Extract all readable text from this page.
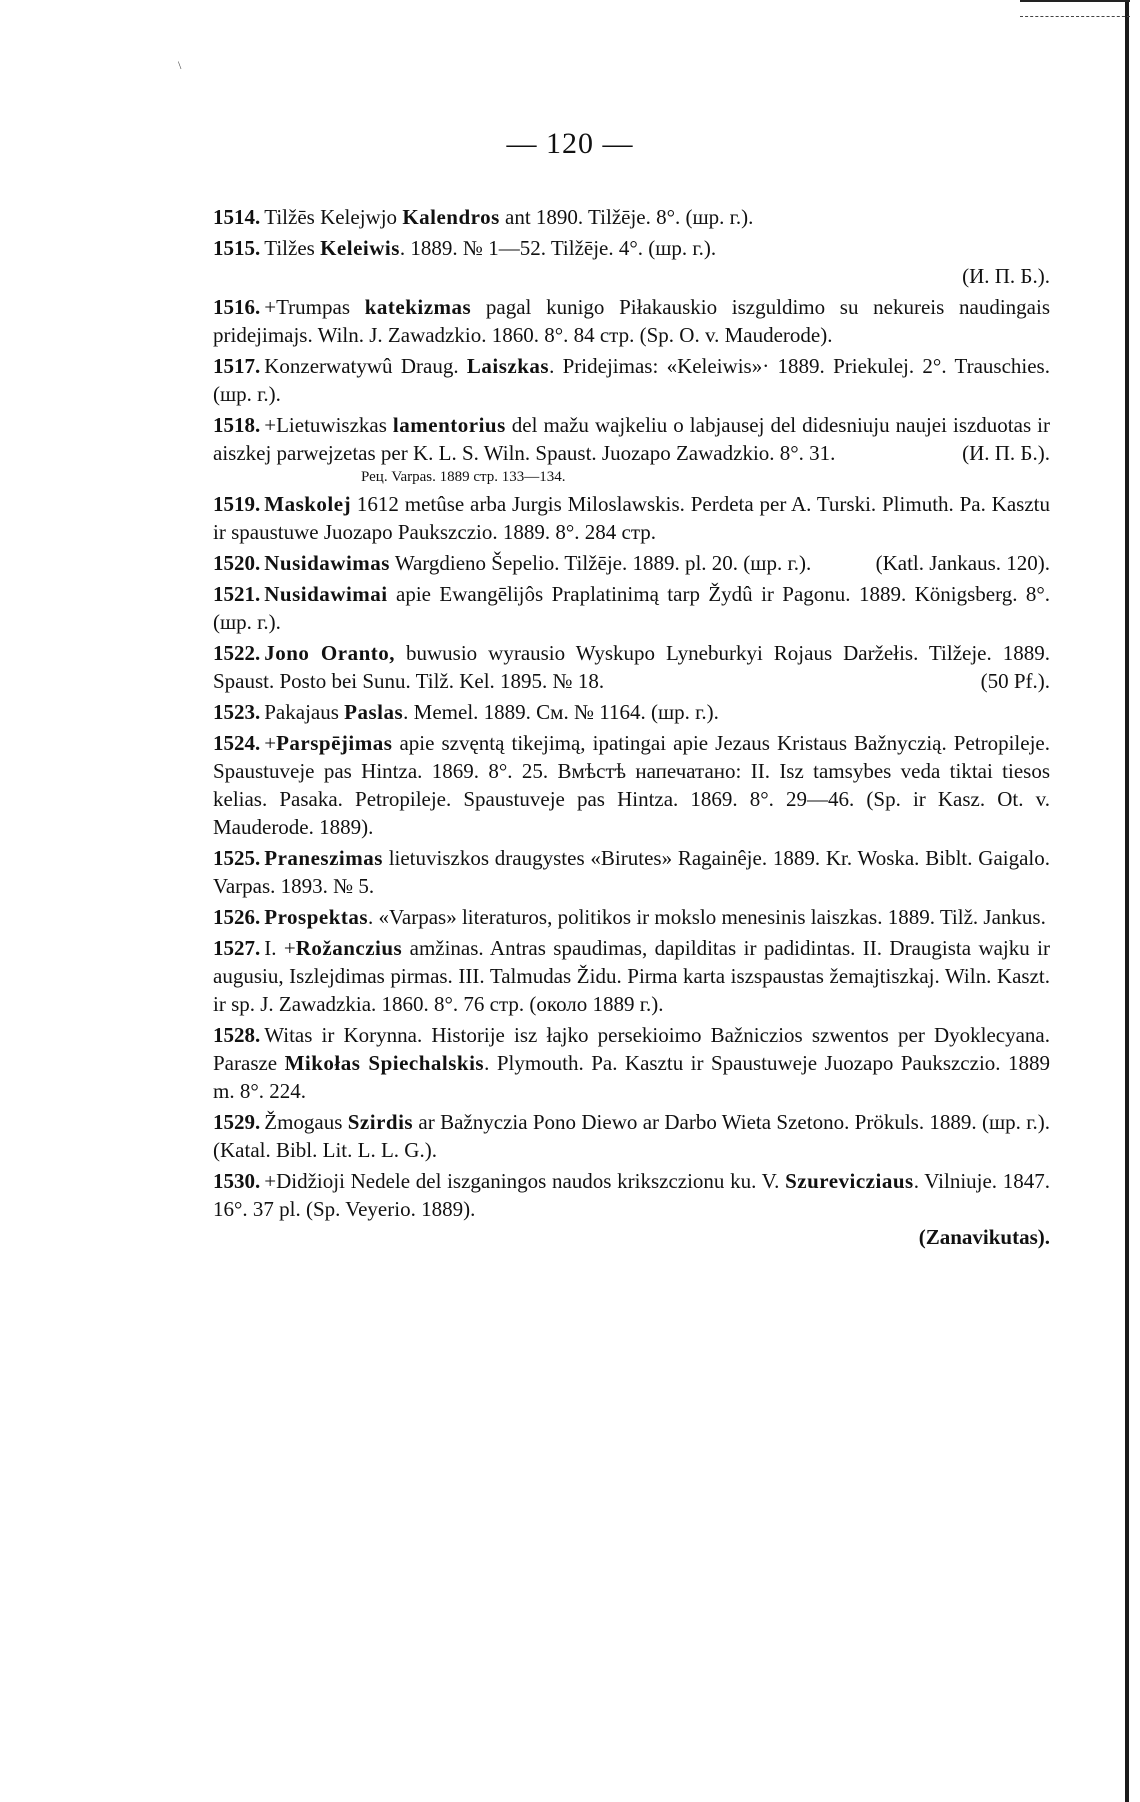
\
— 120 —

1514. Tilžēs Kelejwjo Kalendros ant 1890. Tilžēje. 8°. (шр. г.).

1515. Tilžes Keleiwis. 1889. № 1—52. Tilžēje. 4°. (шр. г.).

(И. П. Б.).

1516. +Trumpas katekizmas pagal kunigo Piłakauskio iszguldimo su nekureis naudingais pridejimajs. Wiln. J. Zawadzkio. 1860. 8°. 84 стр. (Sp. O. v. Mauderode).

1517. Konzerwatywû Draug. Laiszkas. Pridejimas: «Keleiwis»· 1889. Priekulej. 2°. Trauschies. (шр. г.).

1518. +Lietuwiszkas lamentorius del mažu wajkeliu o labjausej del didesniuju naujei iszduotas ir aiszkej parwejzetas per K. L. S. Wiln. Spaust. Juozapo Zawadzkio. 8°. 31.	(И. П. Б.).

Рец. Varpas. 1889 стр. 133—134.

1519. Maskolej 1612 metûse arba Jurgis Miloslawskis. Perdeta per A. Turski. Plimuth. Pa. Kasztu ir spaustuwe Juozapo Paukszczio. 1889. 8°. 284 стр.

1520. Nusidawimas Wargdieno Šepelio. Tilžēje. 1889. pl. 20. (шр. г.).	(Katl. Jankaus. 120).

1521. Nusidawimai apie Ewangēlijôs Praplatinimą tarp Žydû ir Pagonu. 1889. Königsberg. 8°. (шр. г.).

1522. Jono Oranto, buwusio wyrausio Wyskupo Lyneburkyi Rojaus Daržełis. Tilžeje. 1889. Spaust. Posto bei Sunu. Tilž. Kel. 1895. № 18.	(50 Pf.).

1523. Pakajaus Paslas. Memel. 1889. См. № 1164. (шр. г.).

1524. +Parspējimas apie szvęntą tikejimą, ipatingai apie Jezaus Kristaus Bažnyczią. Petropileje. Spaustuveje pas Hintza. 1869. 8°. 25. Вмѣстѣ напечатано: II. Isz tamsybes veda tiktai tiesos kelias. Pasaka. Petropileje. Spaustuveje pas Hintza. 1869. 8°. 29—46. (Sp. ir Kasz. Ot. v. Mauderode. 1889).

1525. Praneszimas lietuviszkos draugystes «Birutes» Ragainêje. 1889. Kr. Woska. Biblt. Gaigalo. Varpas. 1893. № 5.

1526. Prospektas. «Varpas» literaturos, politikos ir mokslo menesinis laiszkas. 1889. Tilž. Jankus.

1527. I. +Rožanczius amžinas. Antras spaudimas, dapilditas ir padidintas. II. Draugista wajku ir augusiu, Iszlejdimas pirmas. III. Talmudas Židu. Pirma karta iszspaustas žemajtiszkaj. Wiln. Kaszt. ir sp. J. Zawadzkia. 1860. 8°. 76 стр. (около 1889 г.).

1528. Witas ir Korynna. Historije isz łajko persekioimo Bažniczios szwentos per Dyoklecyana. Parasze Mikołas Spiechalskis. Plymouth. Pa. Kasztu ir Spaustuweje Juozapo Paukszczio. 1889 m. 8°. 224.

1529. Žmogaus Szirdis ar Bažnyczia Pono Diewo ar Darbo Wieta Szetono. Prökuls. 1889. (шр. г.). (Katal. Bibl. Lit. L. L. G.).

1530. +Didžioji Nedele del iszganingos naudos krikszczionu ku. V. Szurevicziaus. Vilniuje. 1847. 16°. 37 pl. (Sp. Veyerio. 1889).

(Zanavikutas).
